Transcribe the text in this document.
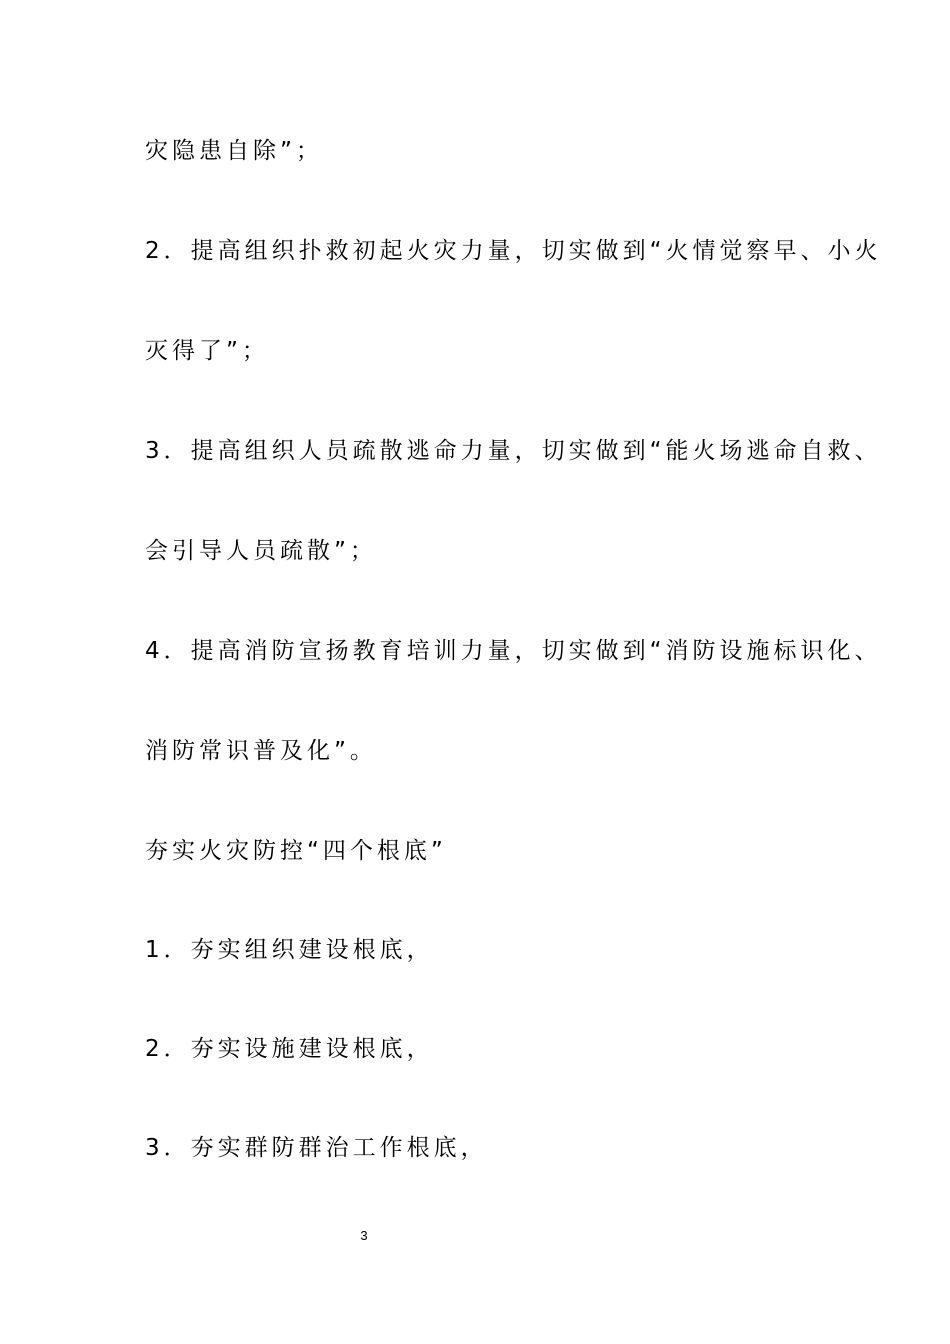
灾隐患自除”；
2．提高组织扑救初起火灾力量，切实做到“火情觉察早、小火
灭得了”；
3．提高组织人员疏散逃命力量，切实做到“能火场逃命自救、
会引导人员疏散”；
4．提高消防宣扬教育培训力量，切实做到“消防设施标识化、
消防常识普及化”。
夯实火灾防控“四个根底”
1．夯实组织建设根底，
2．夯实设施建设根底，
3．夯实群防群治工作根底，
3
